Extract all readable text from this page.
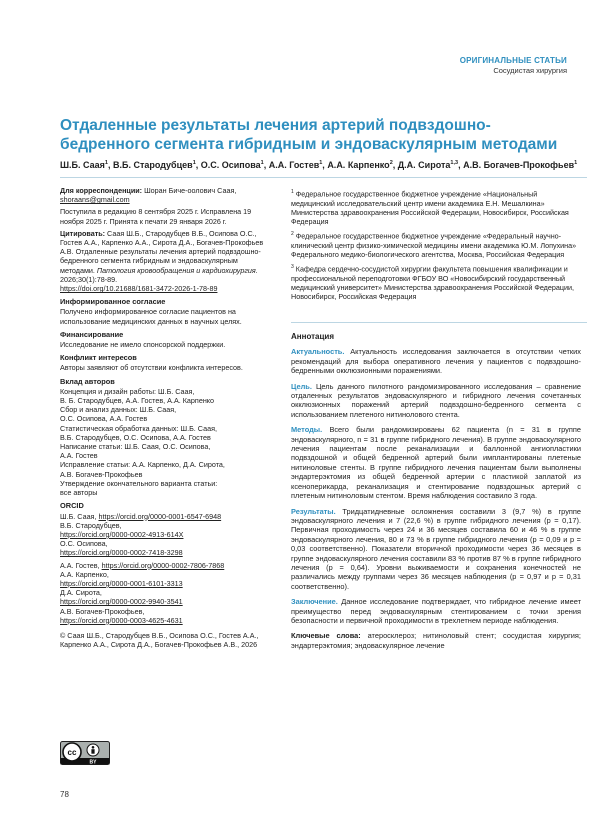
ОРИГИНАЛЬНЫЕ СТАТЬИ
Сосудистая хирургия
Отдаленные результаты лечения артерий подвздошно-бедренного сегмента гибридным и эндоваскулярным методами
Ш.Б. Саая$^1$, В.Б. Стародубцев$^1$, О.С. Осипова$^1$, А.А. Гостев$^1$, А.А. Карпенко$^2$, Д.А. Сирота$^{1,3}$, А.В. Богачев-Прокофьев$^1$

Для корреспонденции: Шоран Биче-оолович Саая,
shoraans@gmail.com

Поступила в редакцию 8 сентября 2025 г. Исправлена 19 ноября 2025 г. Принята к печати 29 января 2026 г.

Цитировать: Саая Ш.Б., Стародубцев В.Б., Осипова О.С., Гостев А.А., Карпенко А.А., Сирота Д.А., Богачев-Прокофьев А.В. Отдаленные результаты лечения артерий подвздошно-бедренного сегмента гибридным и эндоваскулярным методами. Патология кровообращения и кардиохирургия. 2026;30(1):78-89.
https://doi.org/10.21688/1681-3472-2026-1-78-89

Информированное согласие

Получено информированное согласие пациентов на использование медицинских данных в научных целях.

Финансирование

Исследование не имело спонсорской поддержки.

Конфликт интересов

Авторы заявляют об отсутствии конфликта интересов.

Вклад авторов
Концепция и дизайн работы: Ш.Б. Саая,
В. Б. Стародубцев, А.А. Гостев, А.А. Карпенко
Сбор и анализ данных: Ш.Б. Саая,
О.С. Осипова, А.А. Гостев
Статистическая обработка данных: Ш.Б. Саая,
В.Б. Стародубцев, О.С. Осипова, А.А. Гостев
Написание статьи: Ш.Б. Саая, О.С. Осипова,
А.А. Гостев
Исправление статьи: А.А. Карпенко, Д.А. Сирота,
А.В. Богачев-Прокофьев
Утверждение окончательного варианта статьи:
все авторы
ORCID
Ш.Б. Саая, https://orcid.org/0000-0001-6547-6948
В.Б. Стародубцев,
https://orcid.org/0000-0002-4913-614X
О.С. Осипова,
https://orcid.org/0000-0002-7418-3298
А.А. Гостев, https://orcid.org/0000-0002-7806-7868
А.А. Карпенко,
https://orcid.org/0000-0001-6101-3313
Д.А. Сирота,
https://orcid.org/0000-0002-9940-3541
А.В. Богачев-Прокофьев,
https://orcid.org/0000-0003-4625-4631

© Саая Ш.Б., Стародубцев В.Б., Осипова О.С., Гостев А.А., Карпенко А.А., Сирота Д.А., Богачев-Прокофьев А.В., 2026

$^1$ Федеральное государственное бюджетное учреждение «Национальный медицинский исследовательский центр имени академика Е.Н. Мешалкина» Министерства здравоохранения Российской Федерации, Новосибирск, Российская Федерация
$^2$ Федеральное государственное бюджетное учреждение «Федеральный научно-клинический центр физико-химической медицины имени академика Ю.М. Лопухина» Федерального медико-биологического агентства, Москва, Российская Федерация
$^3$ Кафедра сердечно-сосудистой хирургии факультета повышения квалификации и профессиональной переподготовки ФГБОУ ВО «Новосибирский государственный медицинский университет» Министерства здравоохранения Российской Федерации, Новосибирск, Российская Федерация
Аннотация

Актуальность. Актуальность исследования заключается в отсутствии четких рекомендаций для выбора оперативного лечения у пациентов с подвздошно-бедренными окклюзионными поражениями.

Цель. Цель данного пилотного рандомизированного исследования – сравнение отдаленных результатов эндоваскулярного и гибридного лечения сочетанных окклюзионных поражений артерий подвздошно-бедренного сегмента с использованием плетеного нитинолового стента.

Методы. Всего были рандомизированы 62 пациента (n = 31 в группе эндоваскулярного, n = 31 в группе гибридного лечения). В группе эндоваскулярного лечения пациентам после реканализации и баллонной ангиопластики подвздошной и общей бедренной артерий были имплантированы плетеные нитиноловые стенты. В группе гибридного лечения пациентам были выполнены эндартерэктомия из общей бедренной артерии с пластикой заплатой из ксеноперикарда, реканализация и стентирование подвздошных артерий с плетеным нитиноловым стентом. Время наблюдения составило 3 года.

Результаты. Тридцатидневные осложнения составили 3 (9,7 %) в группе эндоваскулярного лечения и 7 (22,6 %) в группе гибридного лечения (p = 0,17). Первичная проходимость через 24 и 36 месяцев составила 60 и 46 % в группе эндоваскулярного лечения, 80 и 73 % в группе гибридного лечения (p = 0,09 и p = 0,03 соответственно). Показатели вторичной проходимости через 36 месяцев в группе эндоваскулярного лечения составили 83 % против 87 % в группе гибридного лечения (p = 0,64). Уровни выживаемости и сохранения конечностей не различались между группами через 36 месяцев наблюдения (p = 0,97 и p = 0,31 соответственно).

Заключение. Данное исследование подтверждает, что гибридное лечение имеет преимущество перед эндоваскулярным стентированием с точки зрения безопасности и первичной проходимости в трехлетнем периоде наблюдения.

Ключевые слова: атеросклероз; нитиноловый стент; сосудистая хирургия; эндартерэктомия; эндоваскулярное лечение

cc
BY
78
